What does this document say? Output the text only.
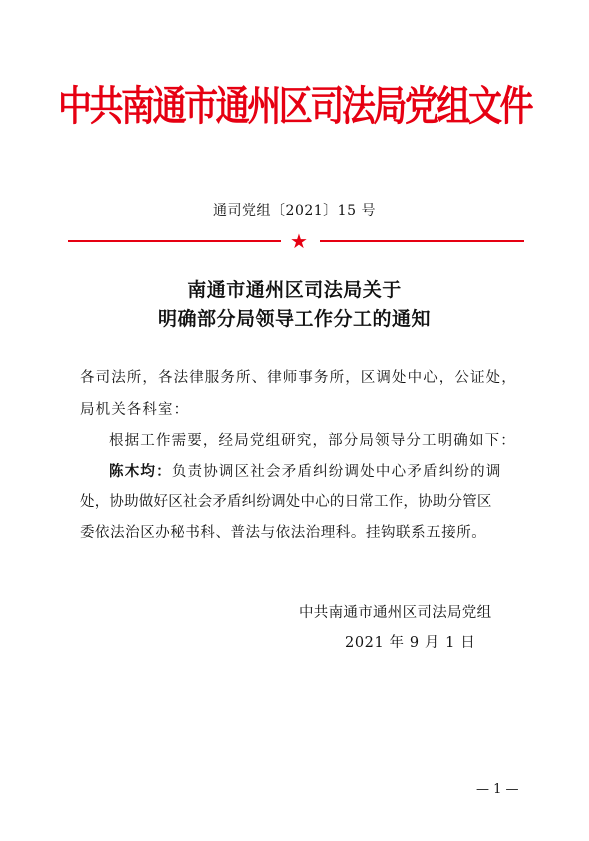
中共南通市通州区司法局党组文件
通司党组〔2021〕15 号
★
南通市通州区司法局关于
明确部分局领导工作分工的通知
各司法所，各法律服务所、律师事务所，区调处中心，公证处，
局机关各科室：
根据工作需要，经局党组研究，部分局领导分工明确如下：
陈木均：负责协调区社会矛盾纠纷调处中心矛盾纠纷的调
处，协助做好区社会矛盾纠纷调处中心的日常工作，协助分管区
委依法治区办秘书科、普法与依法治理科。挂钩联系五接所。
中共南通市通州区司法局党组
2021 年 9 月 1 日
— 1 —
